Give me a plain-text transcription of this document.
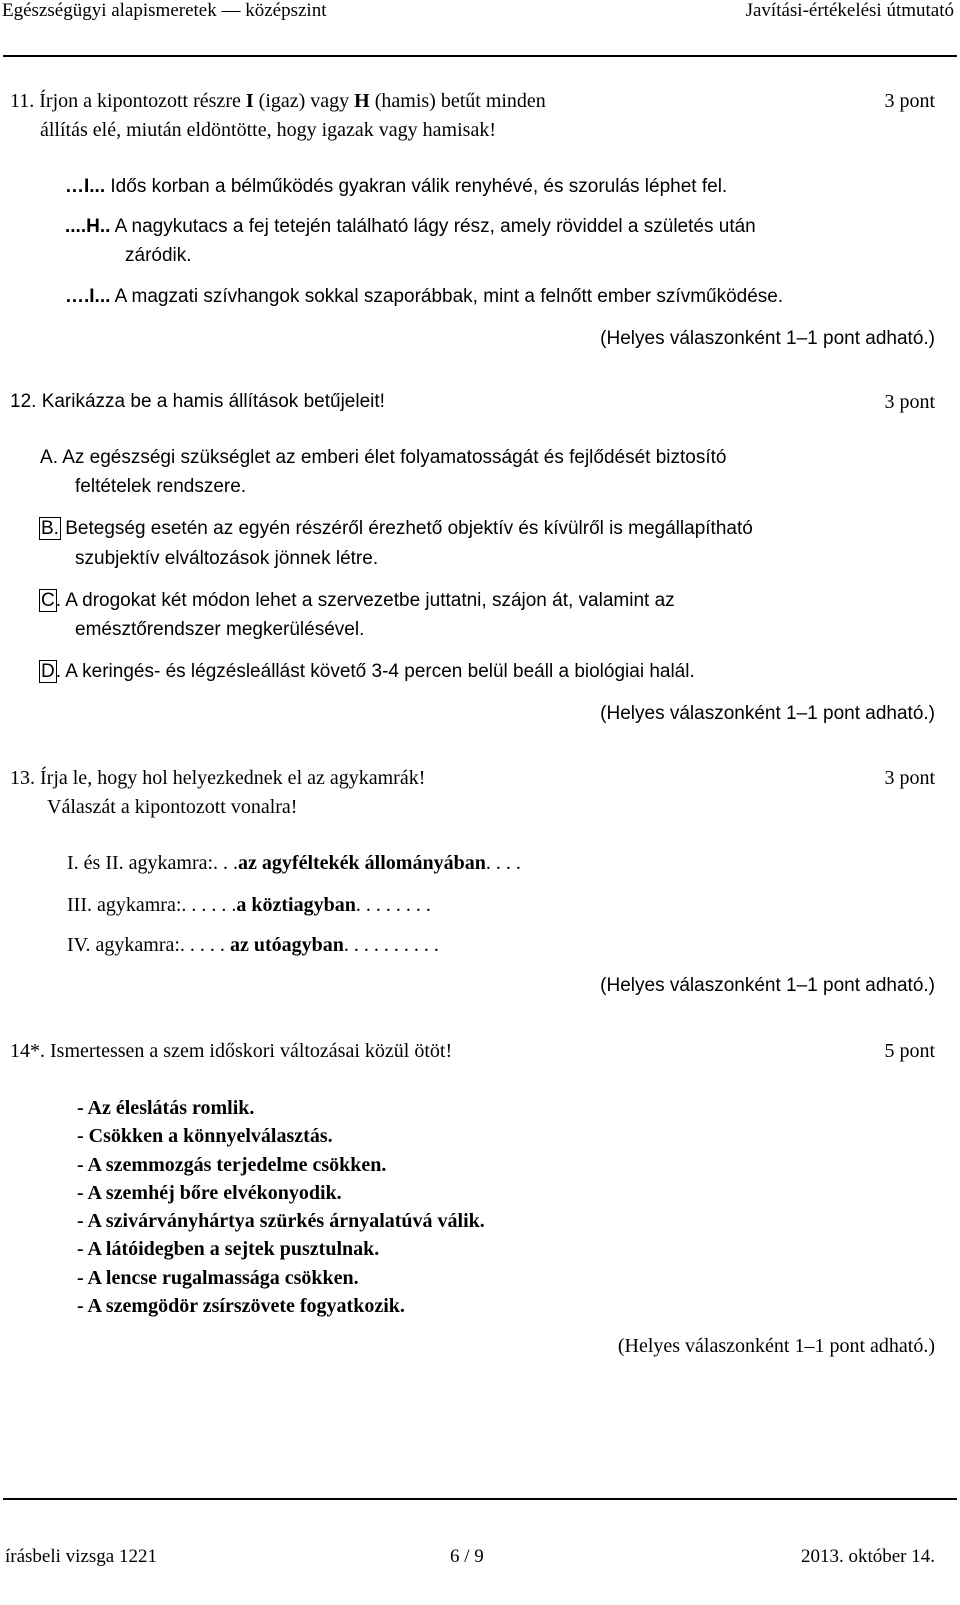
Egészségügyi alapismeretek — középszint	Javítási-értékelési útmutató
11. Írjon a kipontozott részre I (igaz) vagy H (hamis) betűt minden	3 pont
állítás elé, miután eldöntötte, hogy igazak vagy hamisak!
…I... Idős korban a bélműködés gyakran válik renyhévé, és szorulás léphet fel.
....H.. A nagykutacs a fej tetején található lágy rész, amely röviddel a születés után
záródik.
….I... A magzati szívhangok sokkal szaporábbak, mint a felnőtt ember szívműködése.
(Helyes válaszonként 1–1 pont adható.)
12. Karikázza be a hamis állítások betűjeleit!	3 pont
A. Az egészségi szükséglet az emberi élet folyamatosságát és fejlődését biztosító
feltételek rendszere.
B. Betegség esetén az egyén részéről érezhető objektív és kívülről is megállapítható
szubjektív elváltozások jönnek létre.
C. A drogokat két módon lehet a szervezetbe juttatni, szájon át, valamint az
emésztőrendszer megkerülésével.
D. A keringés- és légzésleállást követő 3-4 percen belül beáll a biológiai halál.
(Helyes válaszonként 1–1 pont adható.)
13. Írja le, hogy hol helyezkednek el az agykamrák!	3 pont
Válaszát a kipontozott vonalra!
I. és II. agykamra:. . .az agyféltekék állományában. . . .
III. agykamra:. . . . . .a köztiagyban. . . . . . . .
IV. agykamra:. . . . . az utóagyban. . . . . . . . . .
(Helyes válaszonként 1–1 pont adható.)
14*. Ismertessen a szem időskori változásai közül ötöt!	5 pont
- Az éleslátás romlik.
- Csökken a könnyelválasztás.
- A szemmozgás terjedelme csökken.
- A szemhéj bőre elvékonyodik.
- A szivárványhártya szürkés árnyalatúvá válik.
- A látóidegben a sejtek pusztulnak.
- A lencse rugalmassága csökken.
- A szemgödör zsírszövete fogyatkozik.
(Helyes válaszonként 1–1 pont adható.)
írásbeli vizsga 1221	6 / 9	2013. október 14.
